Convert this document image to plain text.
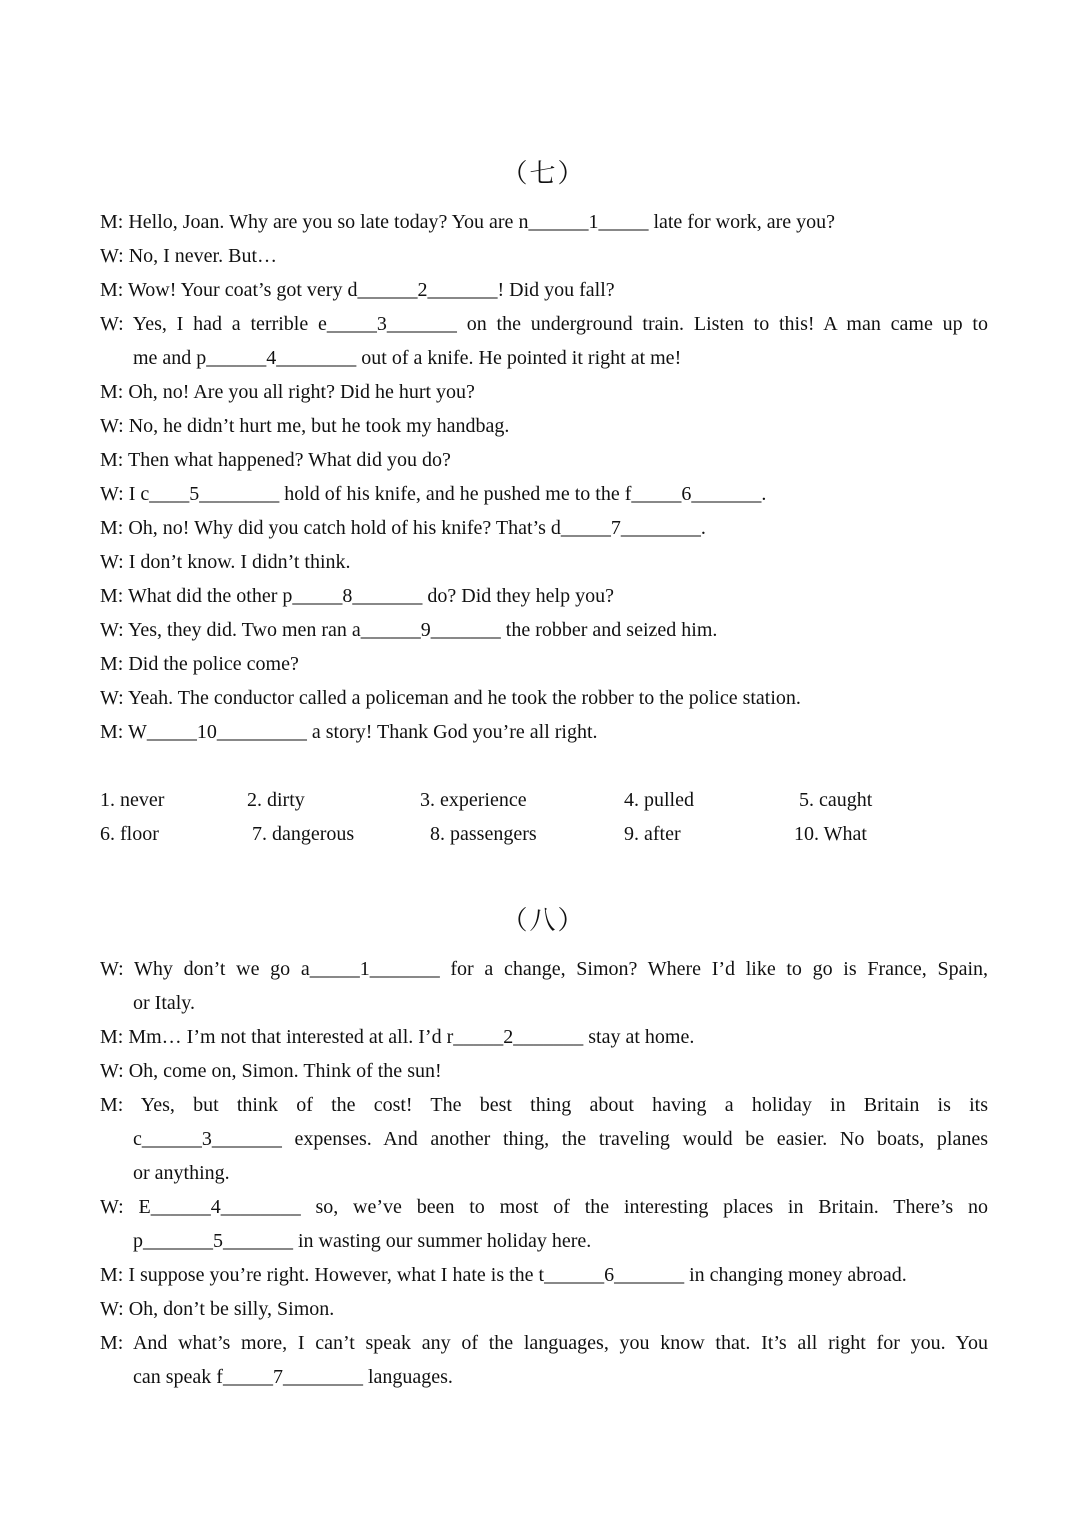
（七）
M: Hello, Joan. Why are you so late today? You are n______1_____ late for work, are you?
W: No, I never. But…
M: Wow! Your coat’s got very d______2_______! Did you fall?
W: Yes, I had a terrible e_____3_______ on the underground train. Listen to this! A man came up to
me and p______4________ out of a knife. He pointed it right at me!
M: Oh, no! Are you all right? Did he hurt you?
W: No, he didn’t hurt me, but he took my handbag.
M: Then what happened? What did you do?
W: I c____5________ hold of his knife, and he pushed me to the f_____6_______.
M: Oh, no! Why did you catch hold of his knife? That’s d_____7________.
W: I don’t know. I didn’t think.
M: What did the other p_____8_______ do? Did they help you?
W: Yes, they did. Two men ran a______9_______ the robber and seized him.
M: Did the police come?
W: Yeah. The conductor called a policeman and he took the robber to the police station.
M: W_____10_________ a story! Thank God you’re all right.
1. never	2. dirty	3. experience	4. pulled	5. caught
6. floor	7. dangerous	8. passengers	9. after	10. What
（八）
W: Why don’t we go a_____1_______ for a change, Simon? Where I’d like to go is France, Spain,
or Italy.
M: Mm… I’m not that interested at all. I’d r_____2_______ stay at home.
W: Oh, come on, Simon. Think of the sun!
M: Yes, but think of the cost! The best thing about having a holiday in Britain is its
c______3_______ expenses. And another thing, the traveling would be easier. No boats, planes
or anything.
W: E______4________ so, we’ve been to most of the interesting places in Britain. There’s no
p_______5_______ in wasting our summer holiday here.
M: I suppose you’re right. However, what I hate is the t______6_______ in changing money abroad.
W: Oh, don’t be silly, Simon.
M: And what’s more, I can’t speak any of the languages, you know that. It’s all right for you. You
can speak f_____7________ languages.
